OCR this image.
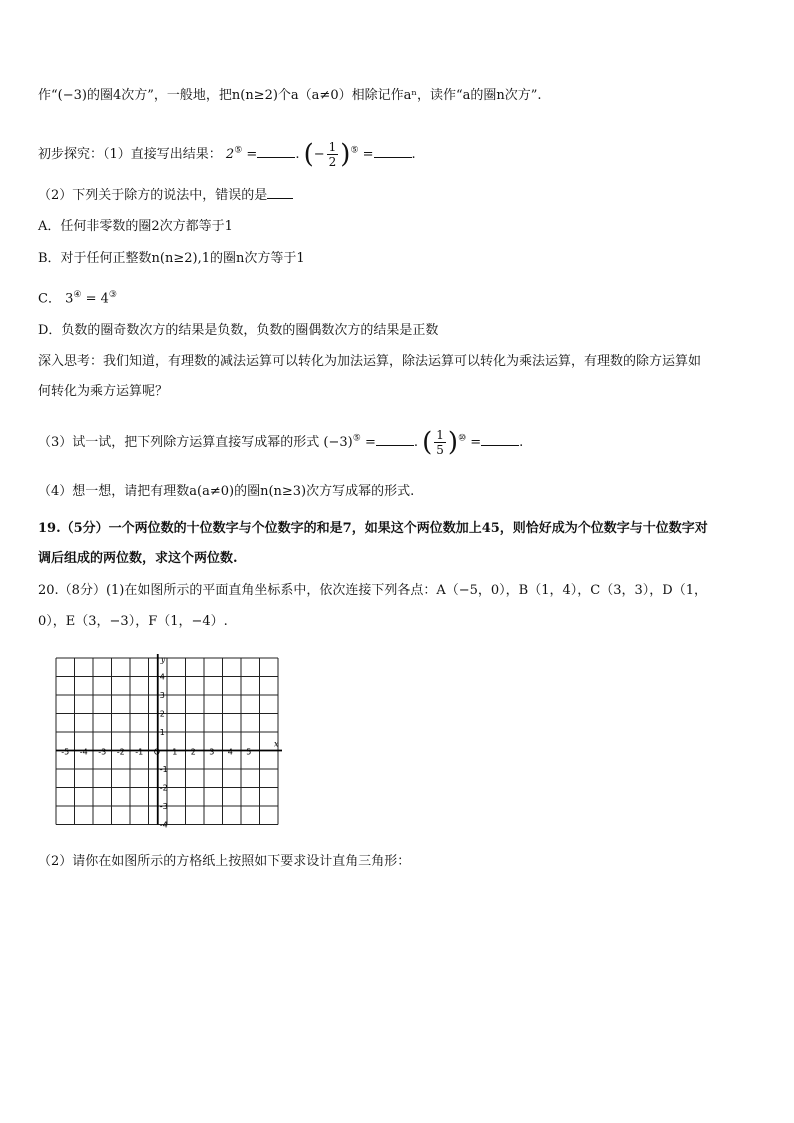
作“(−3)的圈4次方”，一般地，把n(n≥2)个a（a≠0）相除记作aⁿ，读作“a的圈n次方”.
初步探究：（1）直接写出结果： 2⑤ =	. (− $\frac{1}{2} )^⑤$ =	.
（2）下列关于除方的说法中，错误的是
A．任何非零数的圈2次方都等于1
B．对于任何正整数n(n≥2),1的圈n次方等于1
C． 3④ = 4③
D．负数的圈奇数次方的结果是负数，负数的圈偶数次方的结果是正数
深入思考：我们知道，有理数的减法运算可以转化为加法运算，除法运算可以转化为乘法运算，有理数的除方运算如
何转化为乘方运算呢？
（3）试一试，把下列除方运算直接写成幂的形式 (−3)⑤ =	. ( $\frac{1}{5} )^⑩$ =	.
（4）想一想，请把有理数a(a≠0)的圈n(n≥3)次方写成幂的形式.
19.（5分）一个两位数的十位数字与个位数字的和是7，如果这个两位数加上45，则恰好成为个位数字与十位数字对
调后组成的两位数，求这个两位数.
20.（8分）(1)在如图所示的平面直角坐标系中，依次连接下列各点：A（−5，0），B（1，4），C（3，3），D（1，
0），E（3，−3），F（1，−4）.
-5 -4 -3 -2 -1 O 1 2 3 4 5
4
3
2
1
-1
-2
-3
-4
x
y
（2）请你在如图所示的方格纸上按照如下要求设计直角三角形：
